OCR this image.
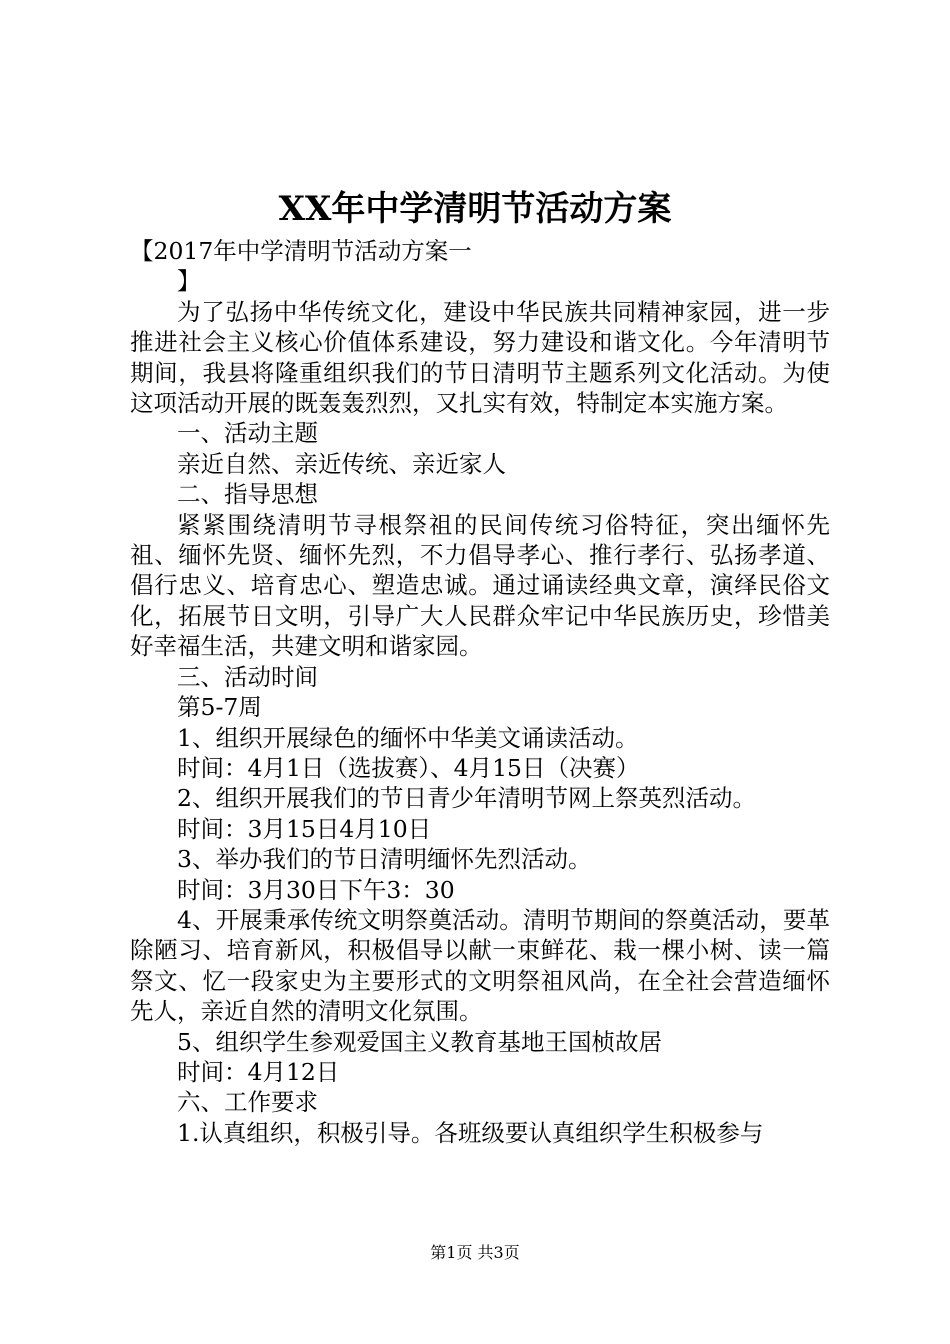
XX年中学清明节活动方案

【2017年中学清明节活动方案一

】

为了弘扬中华传统文化，建设中华民族共同精神家园，进一步推进社会主义核心价值体系建设，努力建设和谐文化。今年清明节期间，我县将隆重组织我们的节日清明节主题系列文化活动。为使这项活动开展的既轰轰烈烈，又扎实有效，特制定本实施方案。

一、活动主题

亲近自然、亲近传统、亲近家人

二、指导思想

紧紧围绕清明节寻根祭祖的民间传统习俗特征，突出缅怀先祖、缅怀先贤、缅怀先烈，不力倡导孝心、推行孝行、弘扬孝道、倡行忠义、培育忠心、塑造忠诚。通过诵读经典文章，演绎民俗文化，拓展节日文明，引导广大人民群众牢记中华民族历史，珍惜美好幸福生活，共建文明和谐家园。

三、活动时间

第5-7周

1、组织开展绿色的缅怀中华美文诵读活动。

时间：4月1日（选拔赛）、4月15日（决赛）

2、组织开展我们的节日青少年清明节网上祭英烈活动。

时间：3月15日4月10日

3、举办我们的节日清明缅怀先烈活动。

时间：3月30日下午3：30

4、开展秉承传统文明祭奠活动。清明节期间的祭奠活动，要革除陋习、培育新风，积极倡导以献一束鲜花、栽一棵小树、读一篇祭文、忆一段家史为主要形式的文明祭祖风尚，在全社会营造缅怀先人，亲近自然的清明文化氛围。

5、组织学生参观爱国主义教育基地王国桢故居

时间：4月12日

六、工作要求

1.认真组织，积极引导。各班级要认真组织学生积极参与

第1页 共3页
